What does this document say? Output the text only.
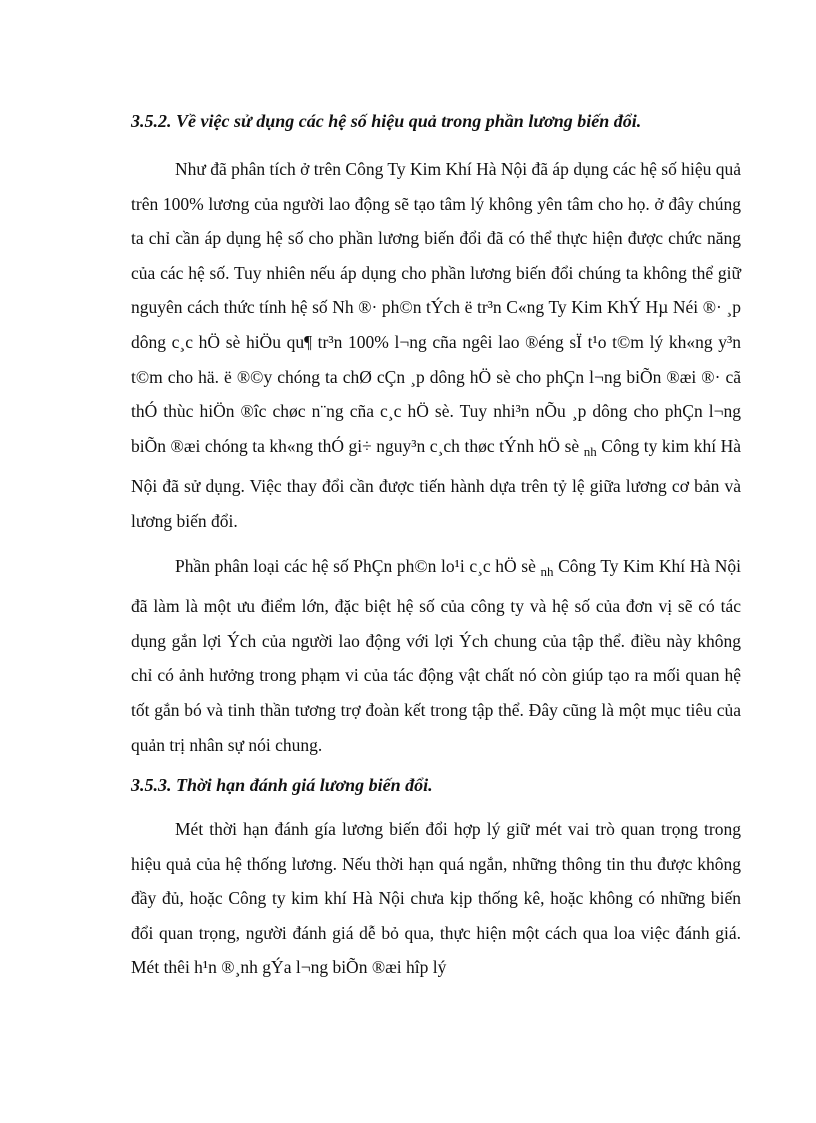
3.5.2. Về việc sử dụng các hệ số hiệu quả trong phần lương biến đổi.

Như đã phân tích ở trên Công Ty Kim Khí Hà Nội đã áp dụng các hệ số hiệu quả trên 100% lương của người lao động sẽ tạo tâm lý không yên tâm cho họ. ở đây chúng ta chỉ cần áp dụng hệ số cho phần lương biến đổi đã có thể thực hiện được chức năng của các hệ số. Tuy nhiên nếu áp dụng cho phần lương biến đổi chúng ta không thể giữ nguyên cách thức tính hệ số Nh ®· ph©n tÝch ë tr³n C«ng Ty Kim KhÝ Hµ Néi ®· ¸p dông c¸c hÖ sè hiÖu qu¶ tr³n 100% l¬ng cña ngêi lao ®éng sÏ t¹o t©m lý kh«ng y³n t©m cho hä. ë ®©y chóng ta chØ cÇn ¸p dông hÖ sè cho phÇn l¬ng biÕn ®æi ®· cã thÓ thùc hiÖn ®îc chøc n¨ng cña c¸c hÖ sè. Tuy nhi³n nÕu ¸p dông cho phÇn l¬ng biÕn ®æi chóng ta kh«ng thÓ gi÷ nguy³n c¸ch thøc tÝnh hÖ sè $_{nh}$ Công ty kim khí Hà Nội đã sử dụng. Việc thay đổi cần được tiến hành dựa trên tỷ lệ giữa lương cơ bản và lương biến đổi.

Phần phân loại các hệ số PhÇn ph©n lo¹i c¸c hÖ sè $_{nh}$ Công Ty Kim Khí Hà Nội đã làm là một ưu điểm lớn, đặc biệt hệ số của công ty và hệ số của đơn vị sẽ có tác dụng gắn lợi Ých của người lao động với lợi Ých chung của tập thể. điều này không chỉ có ảnh hưởng trong phạm vi của tác động vật chất nó còn giúp tạo ra mối quan hệ tốt gắn bó và tinh thần tương trợ đoàn kết trong tập thể. Đây cũng là một mục tiêu của quản trị nhân sự nói chung.

3.5.3. Thời hạn đánh giá lương biến đổi.

Mét thời hạn đánh gía lương biến đổi hợp lý giữ mét vai trò quan trọng trong hiệu quả của hệ thống lương. Nếu thời hạn quá ngắn, những thông tin thu được không đầy đủ, hoặc Công ty kim khí Hà Nội chưa kịp thống kê, hoặc không có những biến đổi quan trọng, người đánh giá dễ bỏ qua, thực hiện một cách qua loa việc đánh giá. Mét thêi h¹n ®¸nh gÝa l¬ng biÕn ®æi hîp lý
